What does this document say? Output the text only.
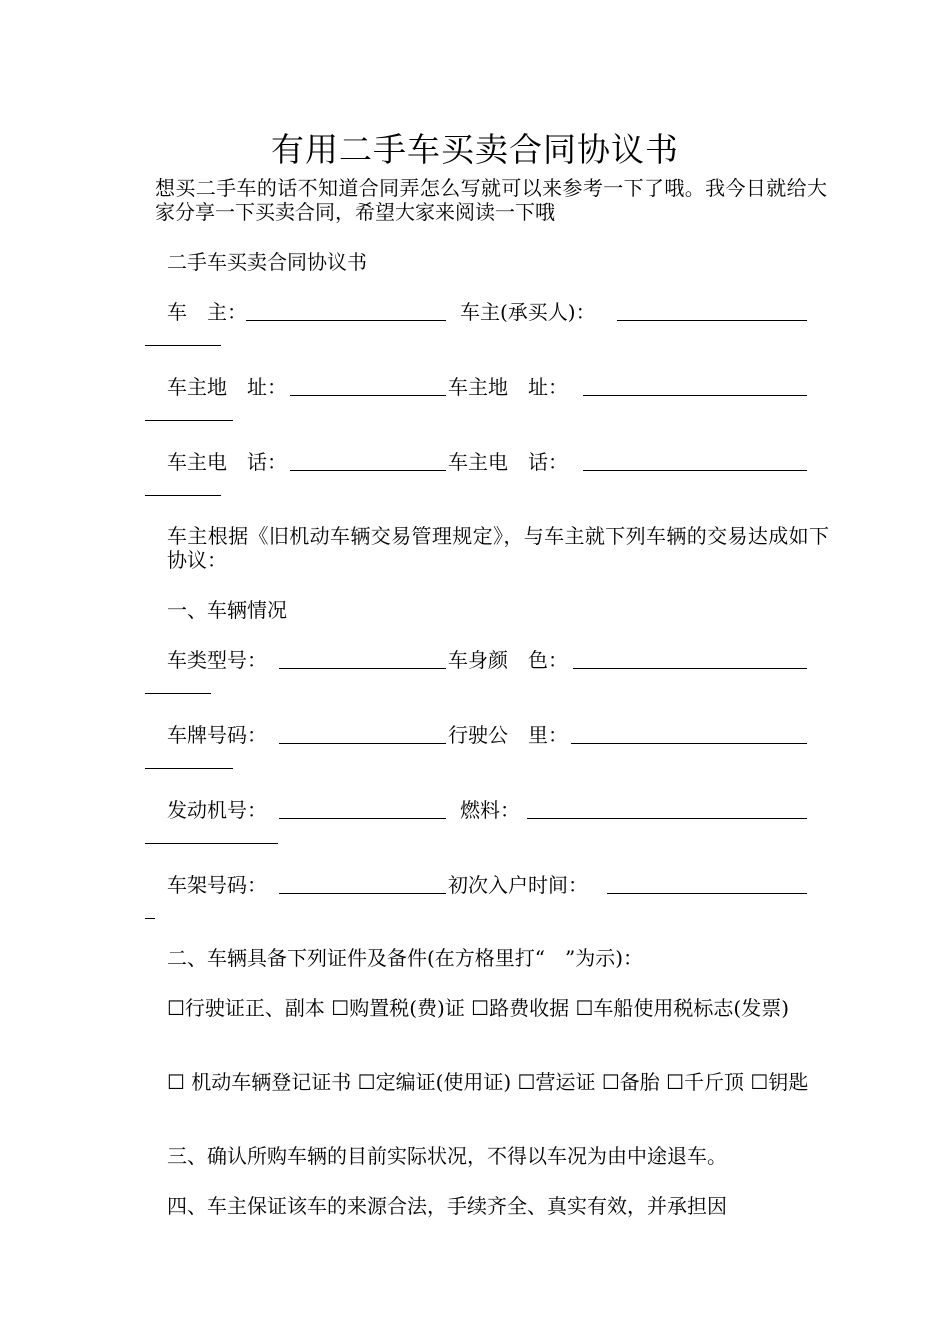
有用二手车买卖合同协议书
想买二手车的话不知道合同弄怎么写就可以来参考一下了哦。我今日就给大家分享一下买卖合同，希望大家来阅读一下哦
二手车买卖合同协议书
车　主：	车主(承买人)：
车主地　址：	车主地　址：
车主电　话：	车主电　话：
车主根据《旧机动车辆交易管理规定》，与车主就下列车辆的交易达成如下协议：
一、车辆情况
车类型号：	车身颜　色：
车牌号码：	行驶公　里：
发动机号：	燃料：
车架号码：	初次入户时间：
二、车辆具备下列证件及备件(在方格里打“　”为示)：
☐行驶证正、副本 ☐购置税(费)证 ☐路费收据 ☐车船使用税标志(发票)
☐ 机动车辆登记证书 ☐定编证(使用证) ☐营运证 ☐备胎 ☐千斤顶 ☐钥匙
三、确认所购车辆的目前实际状况，不得以车况为由中途退车。
四、车主保证该车的来源合法，手续齐全、真实有效，并承担因
